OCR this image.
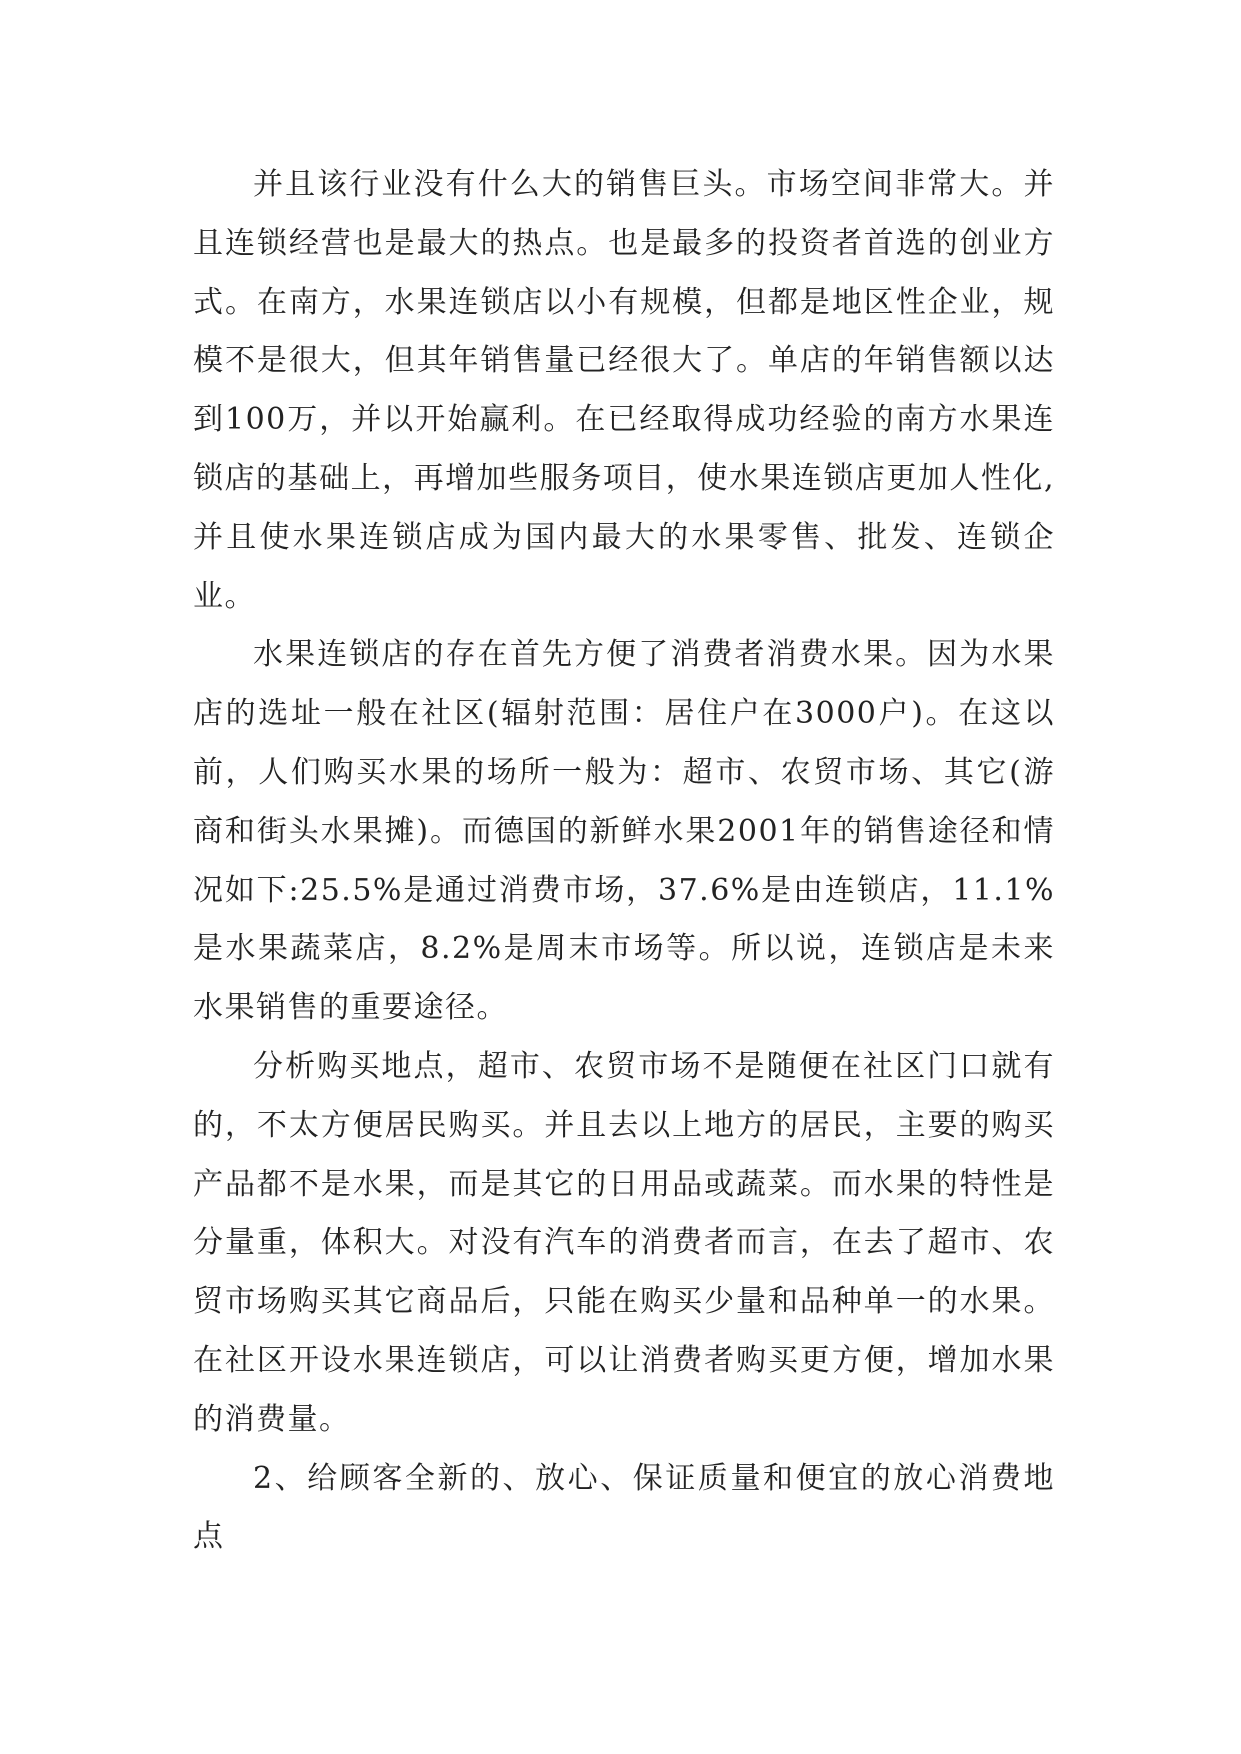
并且该行业没有什么大的销售巨头。市场空间非常大。并且连锁经营也是最大的热点。也是最多的投资者首选的创业方式。在南方，水果连锁店以小有规模，但都是地区性企业，规模不是很大，但其年销售量已经很大了。单店的年销售额以达到100万，并以开始赢利。在已经取得成功经验的南方水果连锁店的基础上，再增加些服务项目，使水果连锁店更加人性化,并且使水果连锁店成为国内最大的水果零售、批发、连锁企业。

水果连锁店的存在首先方便了消费者消费水果。因为水果店的选址一般在社区(辐射范围：居住户在3000户)。在这以前，人们购买水果的场所一般为：超市、农贸市场、其它(游商和街头水果摊)。而德国的新鲜水果2001年的销售途径和情况如下:25.5%是通过消费市场，37.6%是由连锁店，11.1%是水果蔬菜店，8.2%是周末市场等。所以说，连锁店是未来水果销售的重要途径。

分析购买地点，超市、农贸市场不是随便在社区门口就有的，不太方便居民购买。并且去以上地方的居民，主要的购买产品都不是水果，而是其它的日用品或蔬菜。而水果的特性是分量重，体积大。对没有汽车的消费者而言，在去了超市、农贸市场购买其它商品后，只能在购买少量和品种单一的水果。在社区开设水果连锁店，可以让消费者购买更方便，增加水果的消费量。

2、给顾客全新的、放心、保证质量和便宜的放心消费地点
